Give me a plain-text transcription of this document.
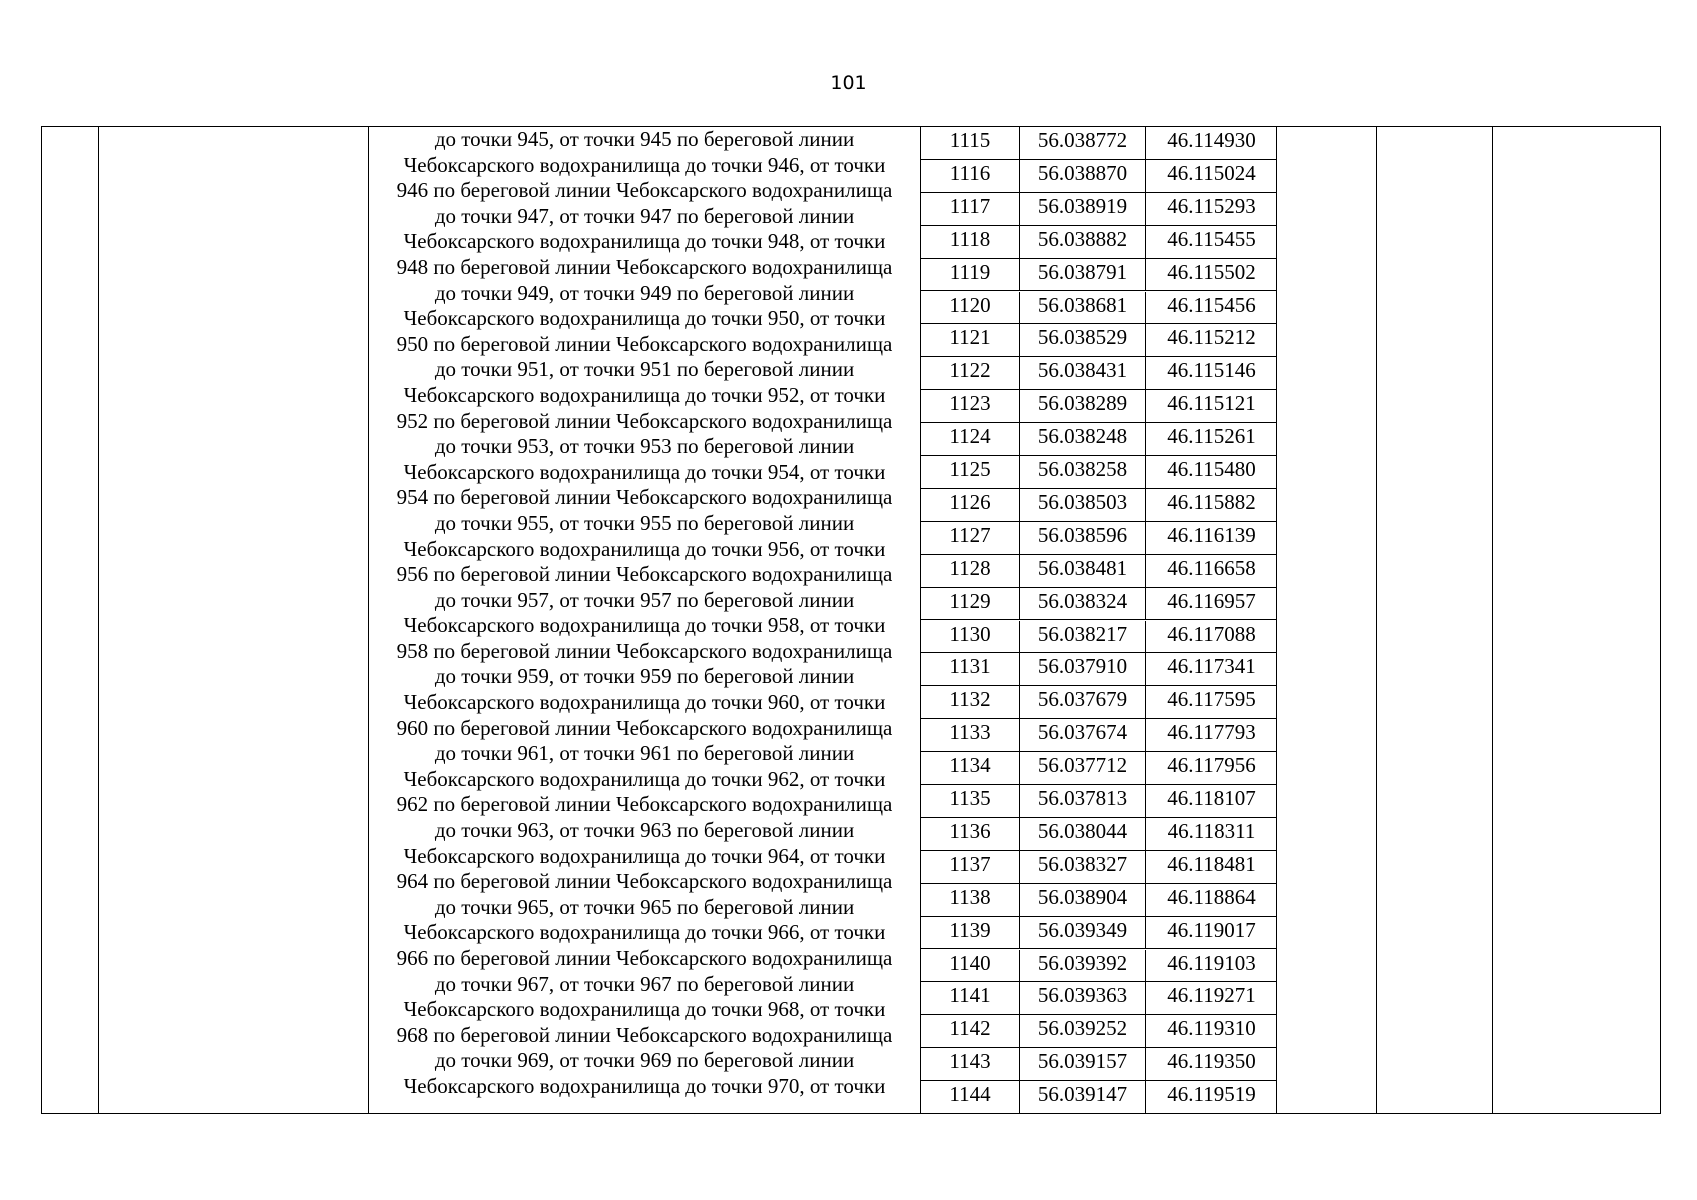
101
до точки 945, от точки 945 по береговой линии
Чебоксарского водохранилища до точки 946, от точки
946 по береговой линии Чебоксарского водохранилища
до точки 947, от точки 947 по береговой линии
Чебоксарского водохранилища до точки 948, от точки
948 по береговой линии Чебоксарского водохранилища
до точки 949, от точки 949 по береговой линии
Чебоксарского водохранилища до точки 950, от точки
950 по береговой линии Чебоксарского водохранилища
до точки 951, от точки 951 по береговой линии
Чебоксарского водохранилища до точки 952, от точки
952 по береговой линии Чебоксарского водохранилища
до точки 953, от точки 953 по береговой линии
Чебоксарского водохранилища до точки 954, от точки
954 по береговой линии Чебоксарского водохранилища
до точки 955, от точки 955 по береговой линии
Чебоксарского водохранилища до точки 956, от точки
956 по береговой линии Чебоксарского водохранилища
до точки 957, от точки 957 по береговой линии
Чебоксарского водохранилища до точки 958, от точки
958 по береговой линии Чебоксарского водохранилища
до точки 959, от точки 959 по береговой линии
Чебоксарского водохранилища до точки 960, от точки
960 по береговой линии Чебоксарского водохранилища
до точки 961, от точки 961 по береговой линии
Чебоксарского водохранилища до точки 962, от точки
962 по береговой линии Чебоксарского водохранилища
до точки 963, от точки 963 по береговой линии
Чебоксарского водохранилища до точки 964, от точки
964 по береговой линии Чебоксарского водохранилища
до точки 965, от точки 965 по береговой линии
Чебоксарского водохранилища до точки 966, от точки
966 по береговой линии Чебоксарского водохранилища
до точки 967, от точки 967 по береговой линии
Чебоксарского водохранилища до точки 968, от точки
968 по береговой линии Чебоксарского водохранилища
до точки 969, от точки 969 по береговой линии
Чебоксарского водохранилища до точки 970, от точки
1115	56.038772	46.114930
1116	56.038870	46.115024
1117	56.038919	46.115293
1118	56.038882	46.115455
1119	56.038791	46.115502
1120	56.038681	46.115456
1121	56.038529	46.115212
1122	56.038431	46.115146
1123	56.038289	46.115121
1124	56.038248	46.115261
1125	56.038258	46.115480
1126	56.038503	46.115882
1127	56.038596	46.116139
1128	56.038481	46.116658
1129	56.038324	46.116957
1130	56.038217	46.117088
1131	56.037910	46.117341
1132	56.037679	46.117595
1133	56.037674	46.117793
1134	56.037712	46.117956
1135	56.037813	46.118107
1136	56.038044	46.118311
1137	56.038327	46.118481
1138	56.038904	46.118864
1139	56.039349	46.119017
1140	56.039392	46.119103
1141	56.039363	46.119271
1142	56.039252	46.119310
1143	56.039157	46.119350
1144	56.039147	46.119519
